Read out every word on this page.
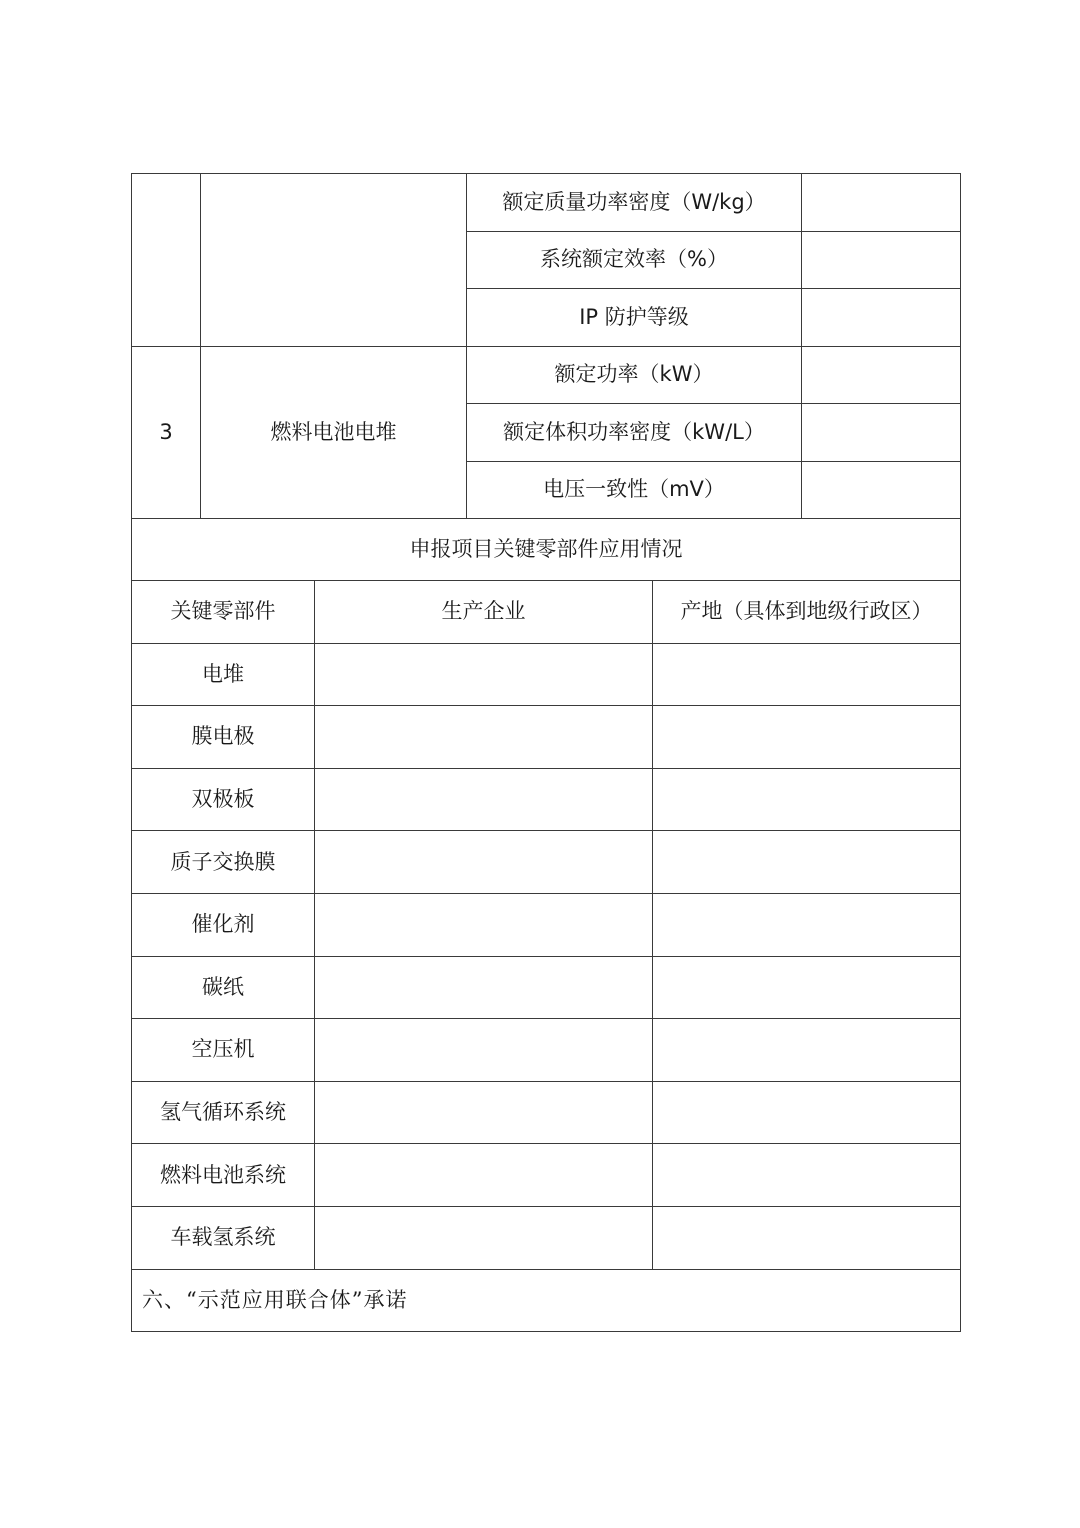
		额定质量功率密度（W/kg）	
		系统额定效率（%）	
		IP 防护等级	
3	燃料电池电堆	额定功率（kW）	
		额定体积功率密度（kW/L）	
		电压一致性（mV）	
申报项目关键零部件应用情况		
关键零部件	生产企业	产地（具体到地级行政区）
电堆		
膜电极		
双极板		
质子交换膜		
催化剂		
碳纸		
空压机		
氢气循环系统		
燃料电池系统		
车载氢系统		
六、“示范应用联合体”承诺		
